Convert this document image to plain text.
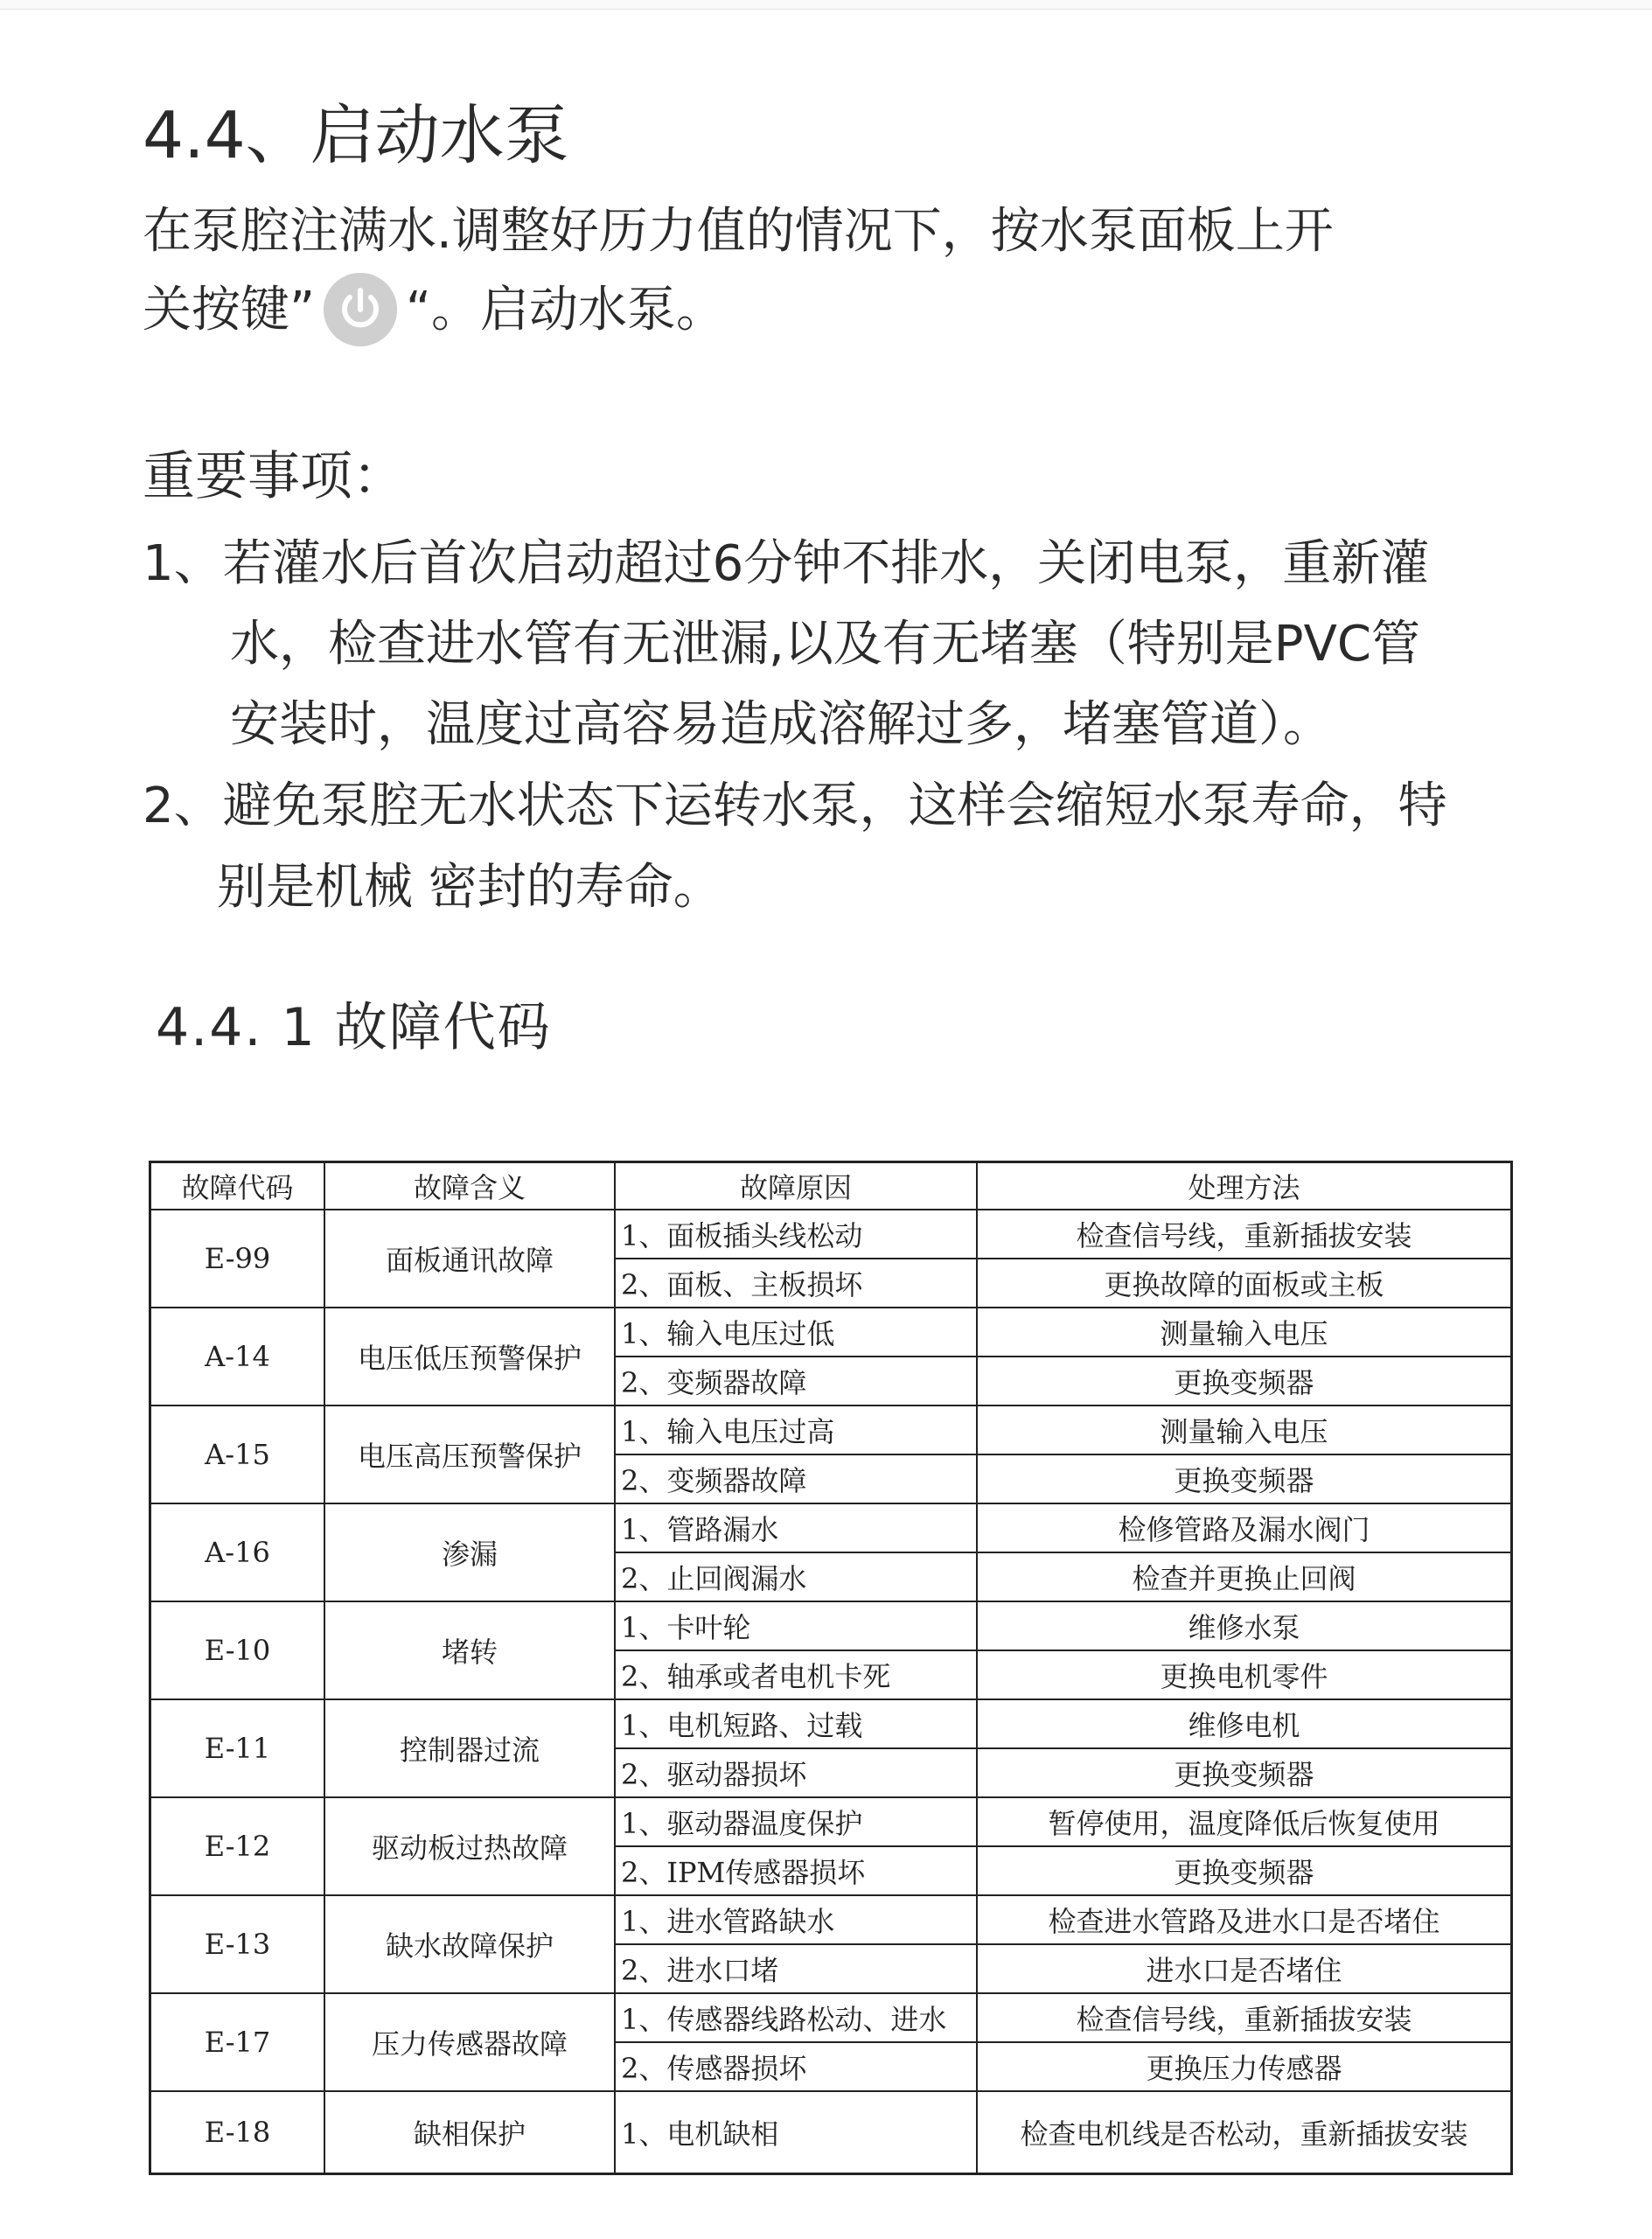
4.4、启动水泵
在泵腔注满水.调整好历力值的情况下，按水泵面板上开
关按键” “。启动水泵。
重要事项：
1、若灌水后首次启动超过6分钟不排水，关闭电泵，重新灌
水，检查进水管有无泄漏,以及有无堵塞（特别是PVC管
安装时，温度过高容易造成溶解过多，堵塞管道）。
2、避免泵腔无水状态下运转水泵，这样会缩短水泵寿命，特
别是机械 密封的寿命。
4.4. 1 故障代码
故障代码	故障含义	故障原因	处理方法
E-99	面板通讯故障	1、面板插头线松动	检查信号线，重新插拔安装
		2、面板、主板损坏	更换故障的面板或主板
A-14	电压低压预警保护	1、输入电压过低	测量输入电压
		2、变频器故障	更换变频器
A-15	电压高压预警保护	1、输入电压过高	测量输入电压
		2、变频器故障	更换变频器
A-16	渗漏	1、管路漏水	检修管路及漏水阀门
		2、止回阀漏水	检查并更换止回阀
E-10	堵转	1、卡叶轮	维修水泵
		2、轴承或者电机卡死	更换电机零件
E-11	控制器过流	1、电机短路、过载	维修电机
		2、驱动器损坏	更换变频器
E-12	驱动板过热故障	1、驱动器温度保护	暂停使用，温度降低后恢复使用
		2、IPM传感器损坏	更换变频器
E-13	缺水故障保护	1、进水管路缺水	检查进水管路及进水口是否堵住
		2、进水口堵	进水口是否堵住
E-17	压力传感器故障	1、传感器线路松动、进水	检查信号线，重新插拔安装
		2、传感器损坏	更换压力传感器
E-18	缺相保护	1、电机缺相	检查电机线是否松动，重新插拔安装
